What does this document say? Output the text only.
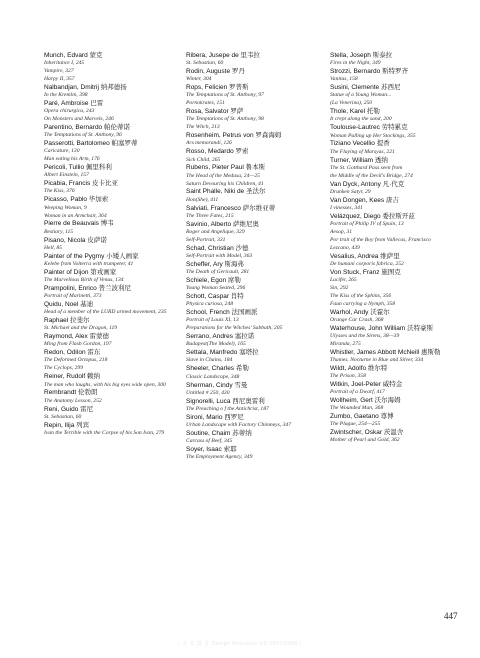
Munch, Edvard 蒙克
Inheritance I, 245
Vampire, 327
Harpy II, 357
Nalbandjan, Dmitrij 纳邦德扬
In the Kremlin, 398
Paré, Ambroise 巴雷
Opera chirurgica, 243
On Monsters and Marvels, 246
Parentino, Bernardo 帕伦蒂诺
The Temptations of St. Anthony, 96
Passerotti, Bartolomeo 帕塞罗蒂
Caricature, 130
Man eating his Arm, 176
Pericoli, Tullio 佩里科利
Albert Einstein, 157
Picabia, Francis 皮卡比亚
The Kiss, 376
Picasso, Pablo 毕加索
Weeping Woman, 9
Woman in an Armchair, 364
Pierre de Beauvais 博韦
Bestiary, 115
Pisano, Nicola 皮萨诺
Hell, 85
Painter of the Pygmy 小矮人画家
Kelebe from Volterra with trumpeter, 41
Painter of Dijon 第戎画家
The Marvellous Birth of Venus, 134
Prampolini, Enrico 普兰波利尼
Portrait of Marinetti, 373
Quidu, Noel 基迪
Head of a member of the LURD armed movement, 235
Raphael 拉斐尔
St. Michael and the Dragon, 119
Raymond, Alex 雷蒙德
Ming from Flash Gordon, 197
Redon, Odilon 雷东
The Deformed Octopus, 218
The Cyclops, 299
Reiner, Rudolf 赖纳
The man who laughs, with his big eyes wide open, 300
Rembrandt 伦勃朗
The Anatomy Lesson, 252
Reni, Guido 雷尼
St. Sebastian, 60
Repin, Ilija 列宾
Ivan the Terrible with the Corpse of his Son Ivan, 279
Ribera, Jusepe de 里韦拉
St. Sebastian, 60
Rodin, Auguste 罗丹
Winter, 304
Rops, Felicien 罗普斯
The Temptations of St. Anthony, 97
Pornokrates, 151
Rosa, Salvator 罗萨
The Temptations of St. Anthony, 98
The Witch, 213
Rosenheim, Petrus von 罗森海姆
Ars memorandi, 126
Rosso, Medardo 罗索
Sick Child, 265
Rubens, Pieter Paul 鲁本斯
The Head of the Medusa, 24—25
Saturn Devouring his Children, 41
Saint Phalle, Niki de 圣法尔
Hon(She), 411
Salviati, Francesco 萨尔维亚蒂
The Three Fates, 215
Savinio, Alberto 萨维尼奥
Roger and Angelique, 329
Self-Portrait, 331
Schad, Christian 沙德
Self-Portrait with Model, 363
Scheffer, Ary 斯海弗
The Death of Gericault, 281
Schiele, Egon 席勒
Young Woman Seated, 296
Schott, Caspar 肖特
Physica curiosa, 248
School, French 法国画派
Portrait of Louis XI, 13
Preparations for the Witches' Sabbath, 205
Serrano, Andres 塞拉诺
Budapest(The Model), 165
Settala, Manfredo 塞塔拉
Slave in Chains, 184
Sheeler, Charles 希勒
Classic Landscape, 348
Sherman, Cindy 雪曼
Untitled # 250, 430
Signorelli, Luca 西尼奥雷利
The Preaching o f the Antichrist, 187
Sironi, Mario 西罗尼
Urban Landscape with Factory Chimneys, 347
Soutine, Chaim 苏蒂纳
Carcass of Beef, 345
Soyer, Isaac 索耶
The Employment Agency, 349
Stella, Joseph 斯泰拉
Fires in the Night, 349
Strozzi, Bernardo 斯特罗齐
Vanitas, 158
Susini, Clemente 苏西尼
Statue of a Young Woman...
(La Venerina), 250
Thole, Karel 托勒
It crept along the sand, 200
Toulouse-Lautrec 劳特累克
Woman Pulling up Her Stockings, 355
Tiziano Vecellio 提香
The Flaying of Marsyas, 221
Turner, William 透纳
The St. Gotthard Pass seen from
the Middle of the Devil's Bridge, 274
Van Dyck, Antony 凡·代克
Drunken Satyr, 29
Van Dongen, Kees 唐吉
I vinesses, 341
Velázquez, Diego 委拉斯开兹
Portrait of Philip IV of Spain, 13
Aesop, 31
Por trait of the Boy from Vallecas, Francisco
Lezcano, 439
Vesalius, Andrea 维萨里
De humani corporis fabrica, 252
Von Stuck, Franz 施图克
Lucifer, 265
Sin, 292
The Kiss of the Sphinx, 356
Faun carrying a Nymph, 358
Warhol, Andy 沃霍尔
Orange Car Crash, 368
Waterhouse, John William 沃特豪斯
Ulysses and the Sirens, 38—39
Miranda, 275
Whistler, James Abbott McNeill 惠斯勒
Thames. Nocturne in Blue and Silver, 334
Wildt, Adolfo 维尔特
The Prison, 358
Witkin, Joel-Peter 威特金
Portrait of a Dwarf, 417
Wollheim, Gert 沃尔海姆
The Wounded Man, 368
Zumbo, Gaetano 尊博
The Plague, 254—255
Zwintscher, Oskar 茨温舍
Mother of Pearl and Gold, 362
447
| 美 术 设 计 Design Resource GD:0001/0000 |
